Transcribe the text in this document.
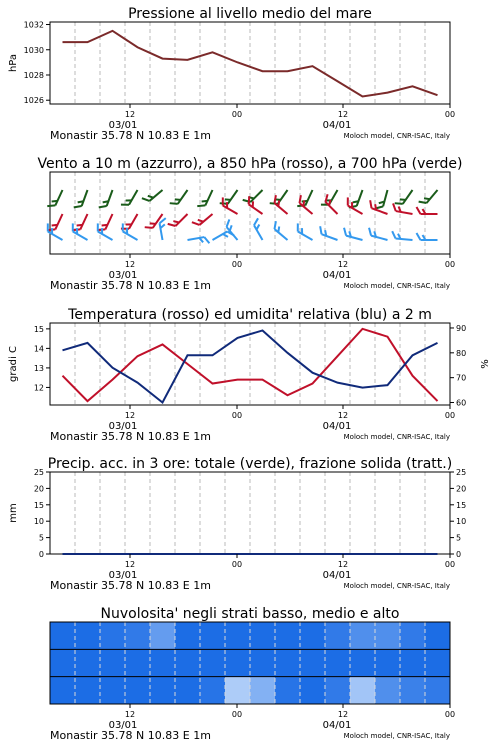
Pressione al livello medio del mare
1026
1028
1030
1032
hPa
12	00	12	00
03/01	04/01
Monastir 35.78 N 10.83 E 1m	Moloch model, CNR-ISAC, Italy
Vento a 10 m (azzurro), a 850 hPa (rosso), a 700 hPa (verde)
12	00	12	00
03/01	04/01
Monastir 35.78 N 10.83 E 1m	Moloch model, CNR-ISAC, Italy
Temperatura (rosso) ed umidita' relativa (blu) a 2 m
12
13
14
15
60
70
80
90
gradi C	%
12	00	12	00
03/01	04/01
Monastir 35.78 N 10.83 E 1m	Moloch model, CNR-ISAC, Italy
Precip. acc. in 3 ore: totale (verde), frazione solida (tratt.)
0
5
10
15
20
25
0
5
10
15
20
25
mm
12	00	12	00
03/01	04/01
Monastir 35.78 N 10.83 E 1m	Moloch model, CNR-ISAC, Italy
Nuvolosita' negli strati basso, medio e alto
12	00	12	00
03/01	04/01
Monastir 35.78 N 10.83 E 1m	Moloch model, CNR-ISAC, Italy
